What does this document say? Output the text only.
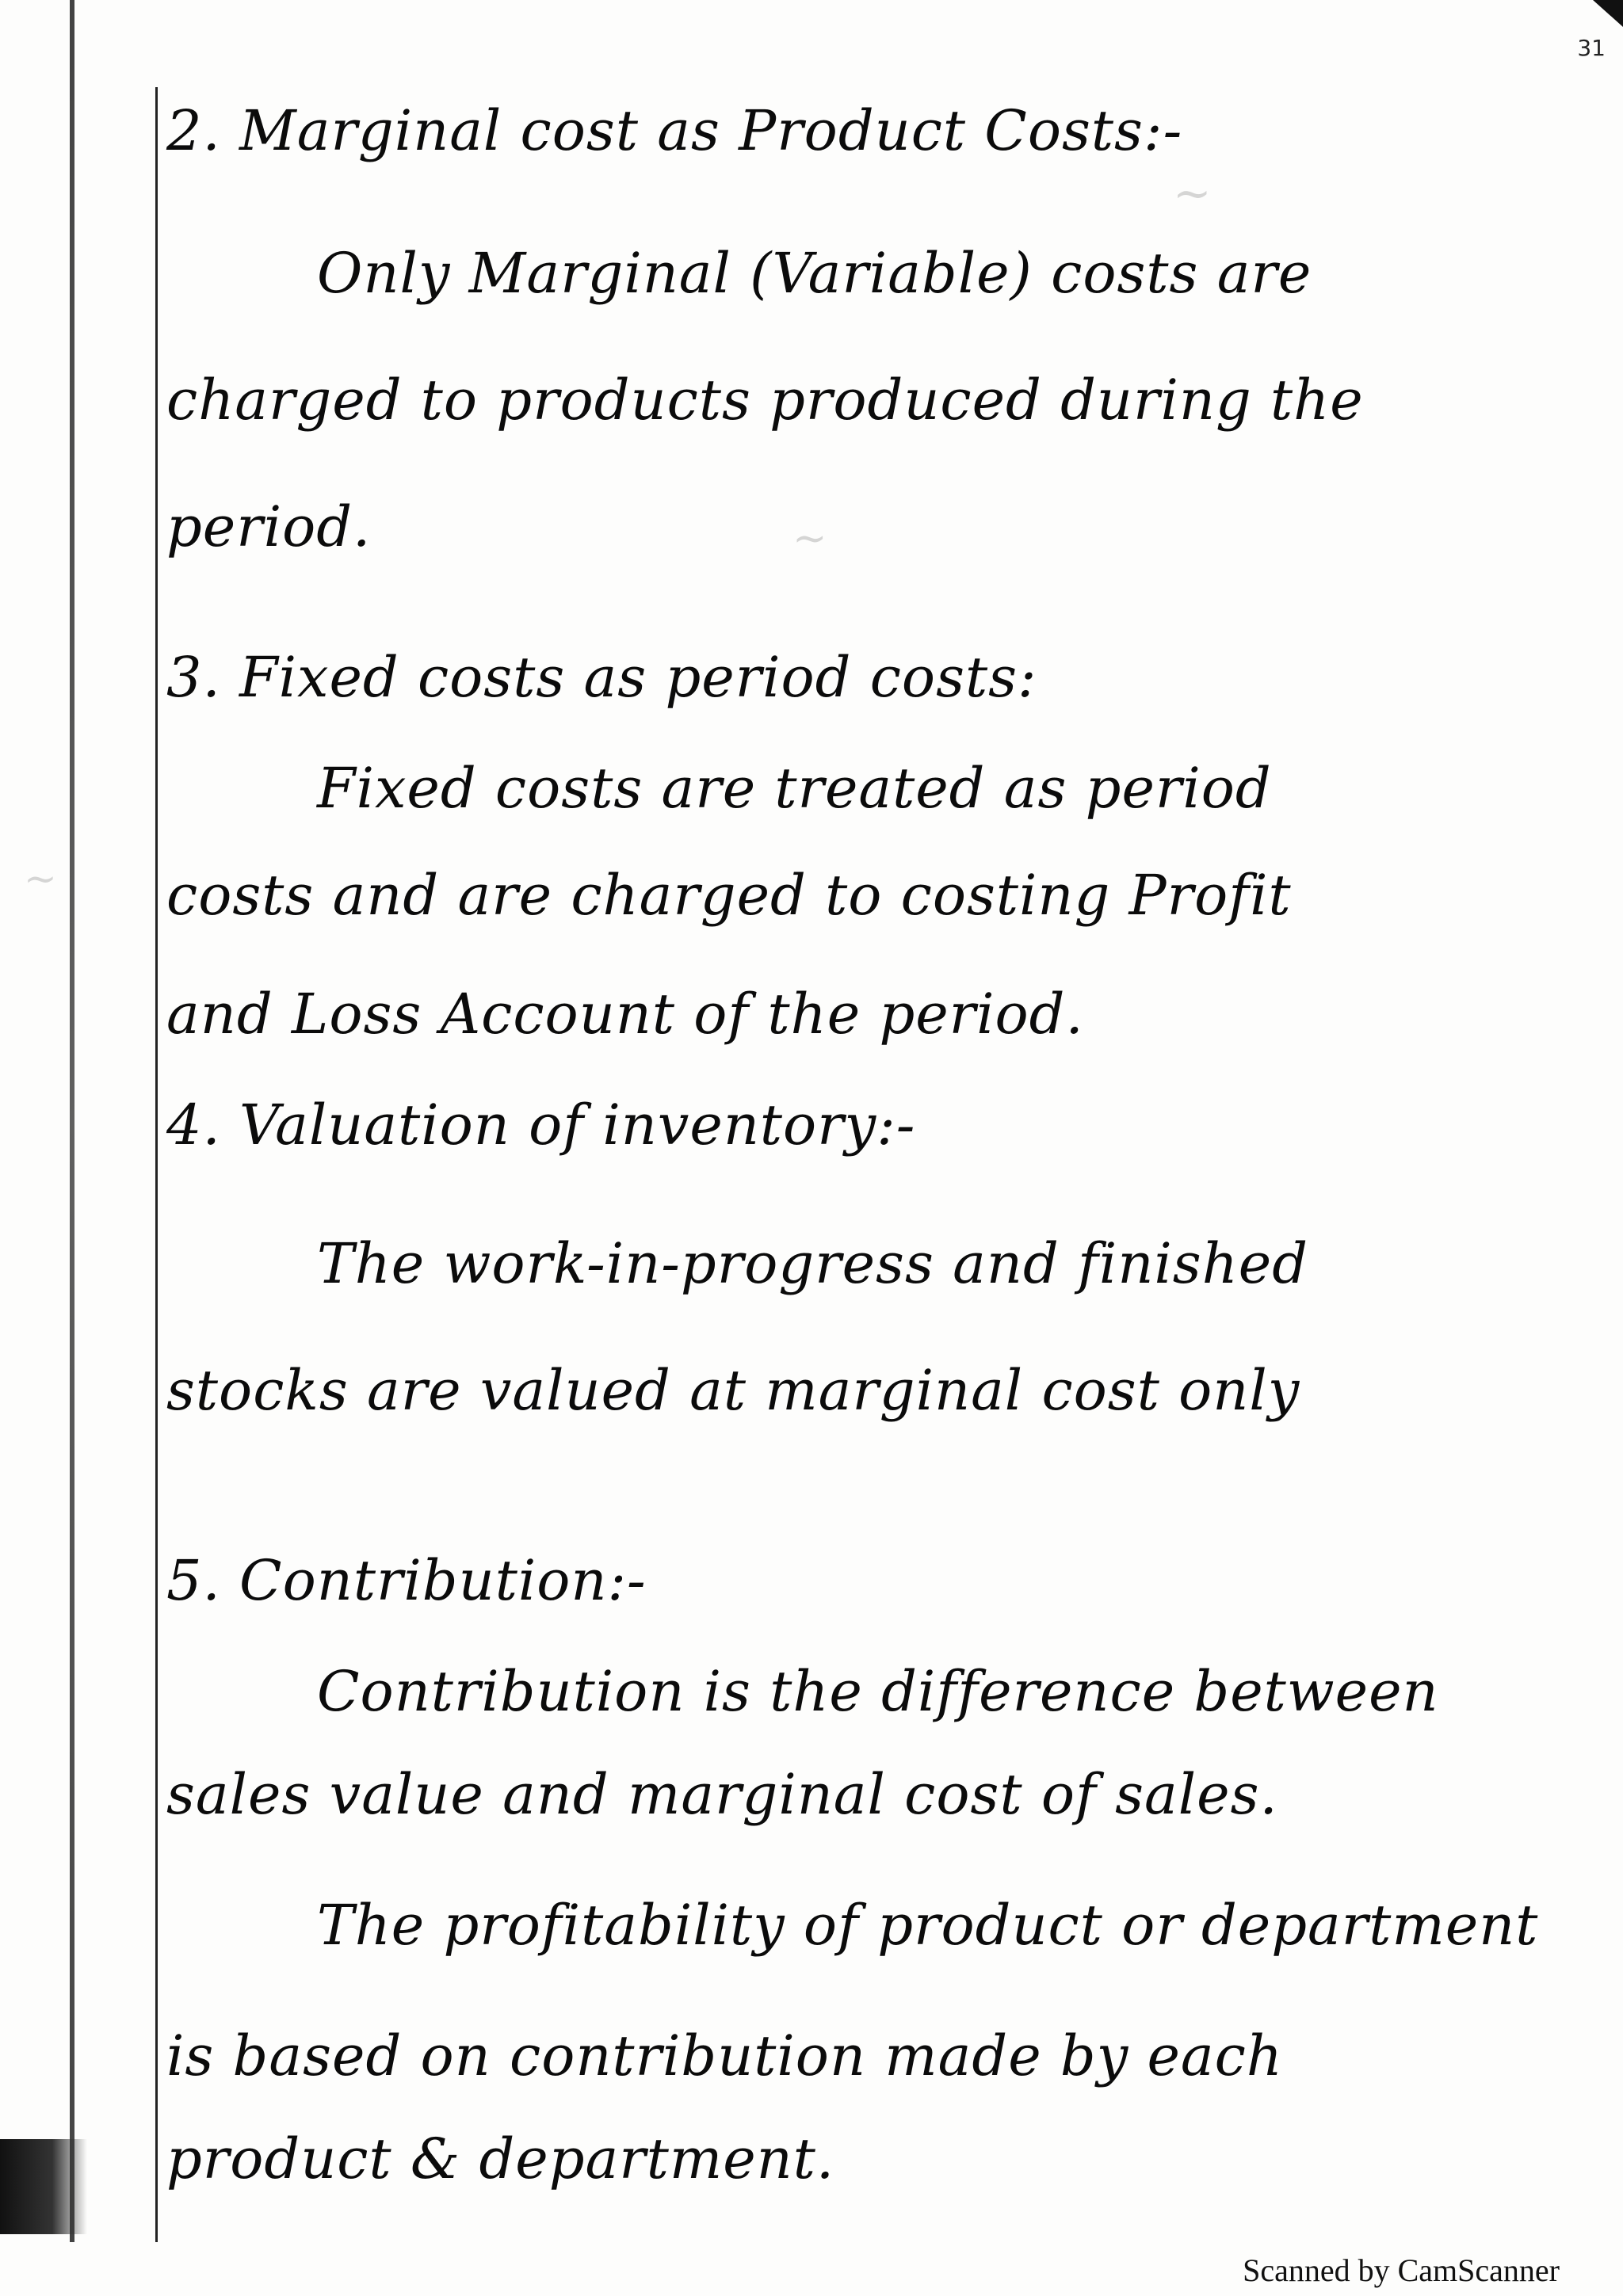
31
~
~
~
2. Marginal cost as Product Costs:-
Only Marginal (Variable) costs are
charged to products produced during the
period.
3. Fixed costs as period costs:
Fixed costs are treated as period
costs and are charged to costing Profit
and Loss Account of the period.
4. Valuation of inventory:-
The work-in-progress and finished
stocks are valued at marginal cost only
5. Contribution:-
Contribution is the difference between
sales value and marginal cost of sales.
The profitability of product or department
is based on contribution made by each
product & department.
Scanned by CamScanner
